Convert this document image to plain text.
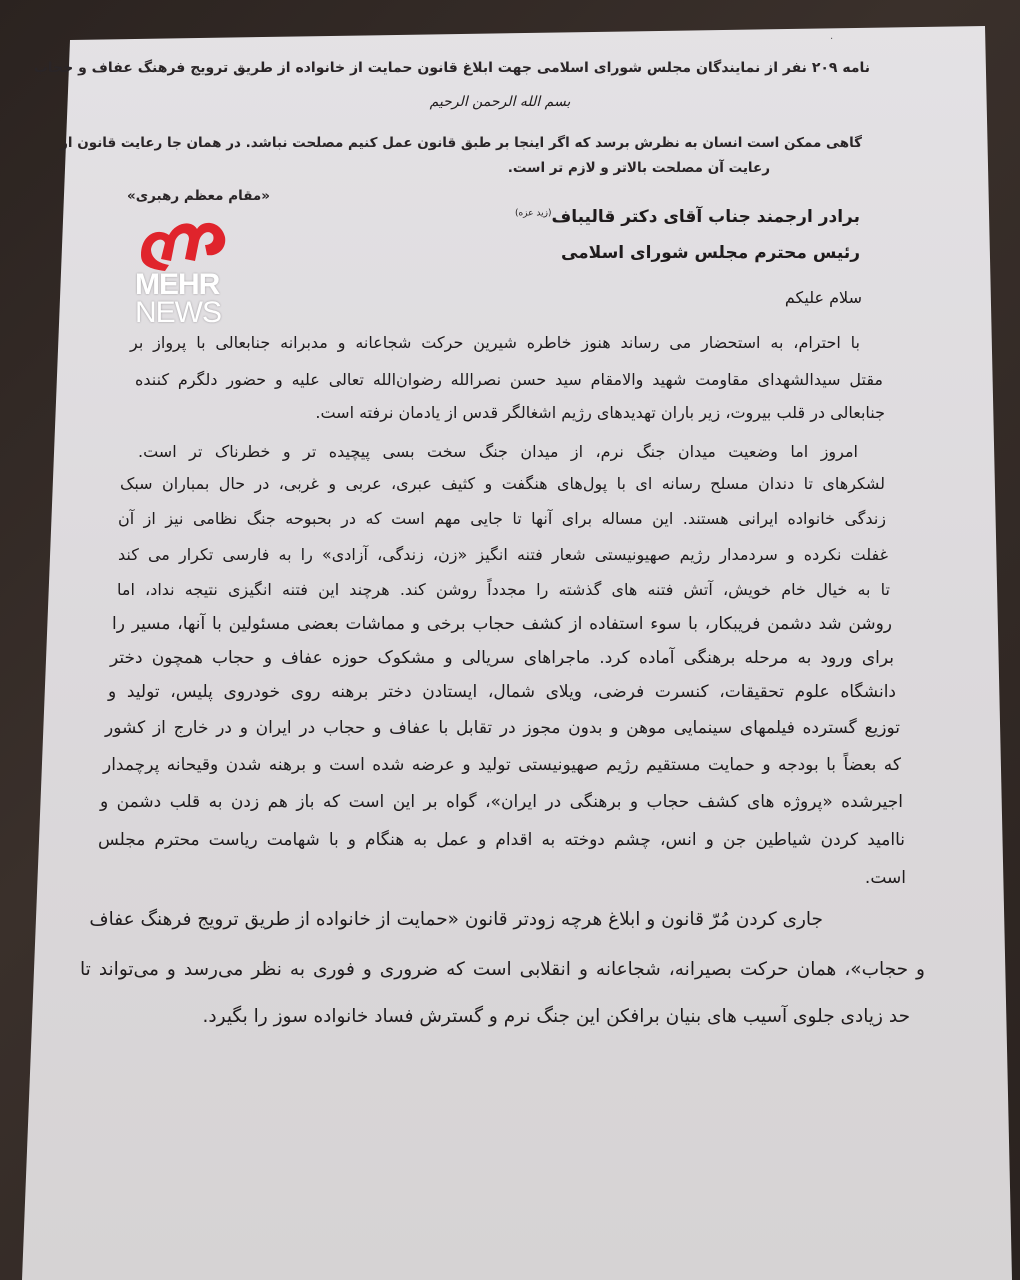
·
نامه ۲۰۹ نفر از نمایندگان مجلس شورای اسلامی جهت ابلاغ قانون حمایت از خانواده از طریق ترویج فرهنگ عفاف و حجاب
بسم الله الرحمن الرحیم
گاهی ممکن است انسان به نظرش برسد که اگر اینجا بر طبق قانون عمل کنیم مصلحت نباشد. در همان جا رعایت قانون از
رعایت آن مصلحت بالاتر و لازم تر است.
«مقام معظم رهبری»
برادر ارجمند جناب آقای دکتر قالیباف$^{(زید عزه)}$
رئیس محترم مجلس شورای اسلامی
سلام علیکم
با احترام، به استحضار می رساند هنوز خاطره شیرین حرکت شجاعانه و مدبرانه جنابعالی با پرواز بر
مقتل سیدالشهدای مقاومت شهید والامقام سید حسن نصرالله رضوان‌الله تعالی علیه و حضور دلگرم کننده
جنابعالی در قلب بیروت، زیر باران تهدیدهای رژیم اشغالگر قدس از یادمان نرفته است.
امروز اما وضعیت میدان جنگ نرم، از میدان جنگ سخت بسی پیچیده تر و خطرناک تر است.
لشکرهای تا دندان مسلح رسانه ای با پول‌های هنگفت و کثیف عبری، عربی و غربی، در حال بمباران سبک
زندگی خانواده ایرانی هستند. این مساله برای آنها تا جایی مهم است که در بحبوحه جنگ نظامی نیز از آن
غفلت نکرده و سردمدار رژیم صهیونیستی شعار فتنه انگیز «زن، زندگی، آزادی» را به فارسی تکرار می کند
تا به خیال خام خویش، آتش فتنه های گذشته را مجدداً روشن کند. هرچند این فتنه انگیزی نتیجه نداد، اما
روشن شد دشمن فریبکار، با سوء استفاده از کشف حجاب برخی و مماشات بعضی مسئولین با آنها، مسیر را
برای ورود به مرحله برهنگی آماده کرد. ماجراهای سریالی و مشکوک حوزه عفاف و حجاب همچون دختر
دانشگاه علوم تحقیقات، کنسرت فرضی، ویلای شمال، ایستادن دختر برهنه روی خودروی پلیس، تولید و
توزیع گسترده فیلمهای سینمایی موهن و بدون مجوز در تقابل با عفاف و حجاب در ایران و در خارج از کشور
که بعضاً با بودجه و حمایت مستقیم رژیم صهیونیستی تولید و عرضه شده است و برهنه شدن وقیحانه پرچمدار
اجیرشده «پروژه های کشف حجاب و برهنگی در ایران»، گواه بر این است که باز هم زدن به قلب دشمن و
ناامید کردن شیاطین جن و انس، چشم دوخته به اقدام و عمل به هنگام و با شهامت ریاست محترم مجلس
است.
جاری کردن مُرّ قانون و ابلاغ هرچه زودتر قانون «حمایت از خانواده از طریق ترویج فرهنگ عفاف
و حجاب»، همان حرکت بصیرانه، شجاعانه و انقلابی است که ضروری و فوری به نظر می‌رسد و می‌تواند تا
حد زیادی جلوی آسیب های بنیان برافکن این جنگ نرم و گسترش فساد خانواده سوز را بگیرد.
MEHR
NEWS
